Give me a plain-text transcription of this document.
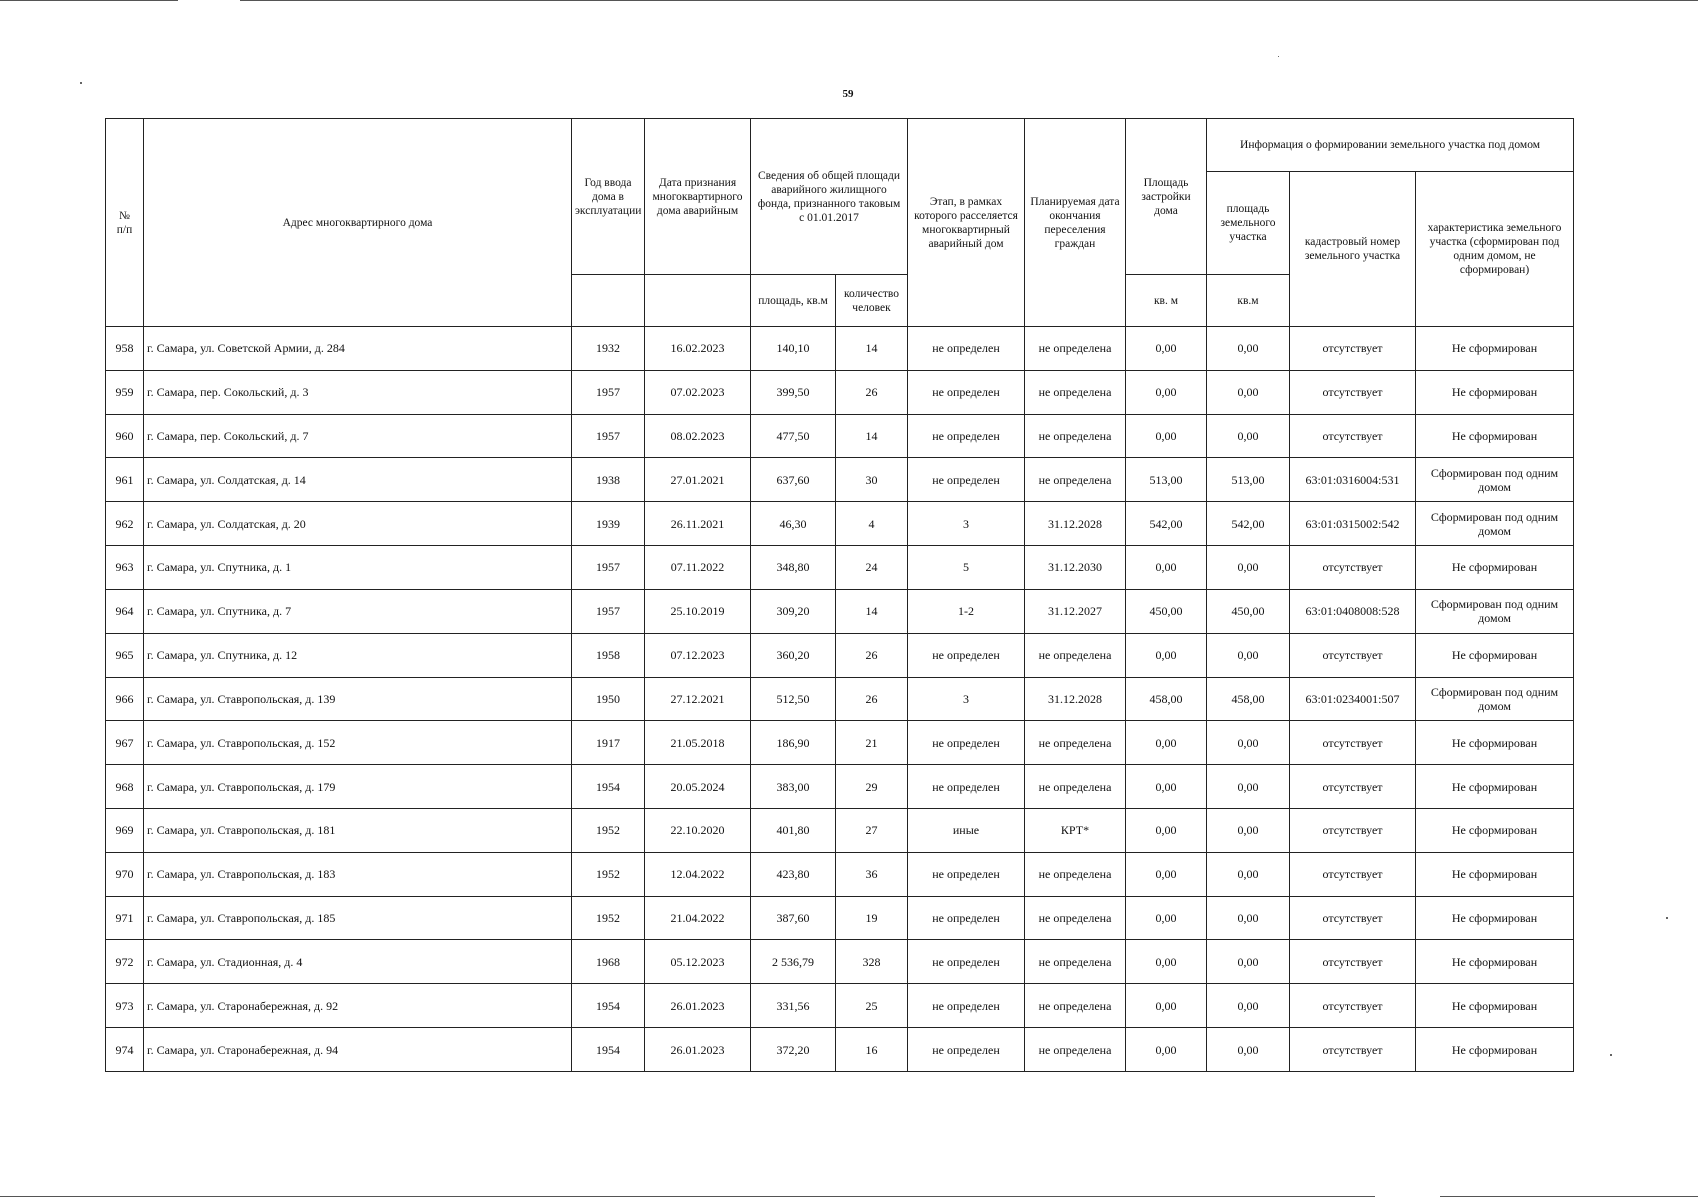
59
№
п/п	Адрес многоквартирного дома	Год ввода дома в эксплуатации	Дата признания многоквартирного дома аварийным	Сведения об общей площади аварийного жилищного фонда, признанного таковым с 01.01.2017		Этап, в рамках которого расселяется многоквартирный аварийный дом	Планируемая дата окончания переселения граждан	Площадь застройки дома	Информация о формировании земельного участка под домом		
									площадь земельного участка	кадастровый номер земельного участка	характеристика земельного участка (сформирован под одним домом, не сформирован)
				площадь, кв.м	количество человек			кв. м	кв.м		
958	г. Самара, ул. Советской Армии, д. 284	1932	16.02.2023	140,10	14	не определен	не определена	0,00	0,00	отсутствует	Не сформирован
959	г. Самара, пер. Сокольский, д. 3	1957	07.02.2023	399,50	26	не определен	не определена	0,00	0,00	отсутствует	Не сформирован
960	г. Самара, пер. Сокольский, д. 7	1957	08.02.2023	477,50	14	не определен	не определена	0,00	0,00	отсутствует	Не сформирован
961	г. Самара, ул. Солдатская, д. 14	1938	27.01.2021	637,60	30	не определен	не определена	513,00	513,00	63:01:0316004:531	Сформирован под одним домом
962	г. Самара, ул. Солдатская, д. 20	1939	26.11.2021	46,30	4	3	31.12.2028	542,00	542,00	63:01:0315002:542	Сформирован под одним домом
963	г. Самара, ул. Спутника, д. 1	1957	07.11.2022	348,80	24	5	31.12.2030	0,00	0,00	отсутствует	Не сформирован
964	г. Самара, ул. Спутника, д. 7	1957	25.10.2019	309,20	14	1-2	31.12.2027	450,00	450,00	63:01:0408008:528	Сформирован под одним домом
965	г. Самара, ул. Спутника, д. 12	1958	07.12.2023	360,20	26	не определен	не определена	0,00	0,00	отсутствует	Не сформирован
966	г. Самара, ул. Ставропольская, д. 139	1950	27.12.2021	512,50	26	3	31.12.2028	458,00	458,00	63:01:0234001:507	Сформирован под одним домом
967	г. Самара, ул. Ставропольская, д. 152	1917	21.05.2018	186,90	21	не определен	не определена	0,00	0,00	отсутствует	Не сформирован
968	г. Самара, ул. Ставропольская, д. 179	1954	20.05.2024	383,00	29	не определен	не определена	0,00	0,00	отсутствует	Не сформирован
969	г. Самара, ул. Ставропольская, д. 181	1952	22.10.2020	401,80	27	иные	КРТ*	0,00	0,00	отсутствует	Не сформирован
970	г. Самара, ул. Ставропольская, д. 183	1952	12.04.2022	423,80	36	не определен	не определена	0,00	0,00	отсутствует	Не сформирован
971	г. Самара, ул. Ставропольская, д. 185	1952	21.04.2022	387,60	19	не определен	не определена	0,00	0,00	отсутствует	Не сформирован
972	г. Самара, ул. Стадионная, д. 4	1968	05.12.2023	2 536,79	328	не определен	не определена	0,00	0,00	отсутствует	Не сформирован
973	г. Самара, ул. Старонабережная, д. 92	1954	26.01.2023	331,56	25	не определен	не определена	0,00	0,00	отсутствует	Не сформирован
974	г. Самара, ул. Старонабережная, д. 94	1954	26.01.2023	372,20	16	не определен	не определена	0,00	0,00	отсутствует	Не сформирован
